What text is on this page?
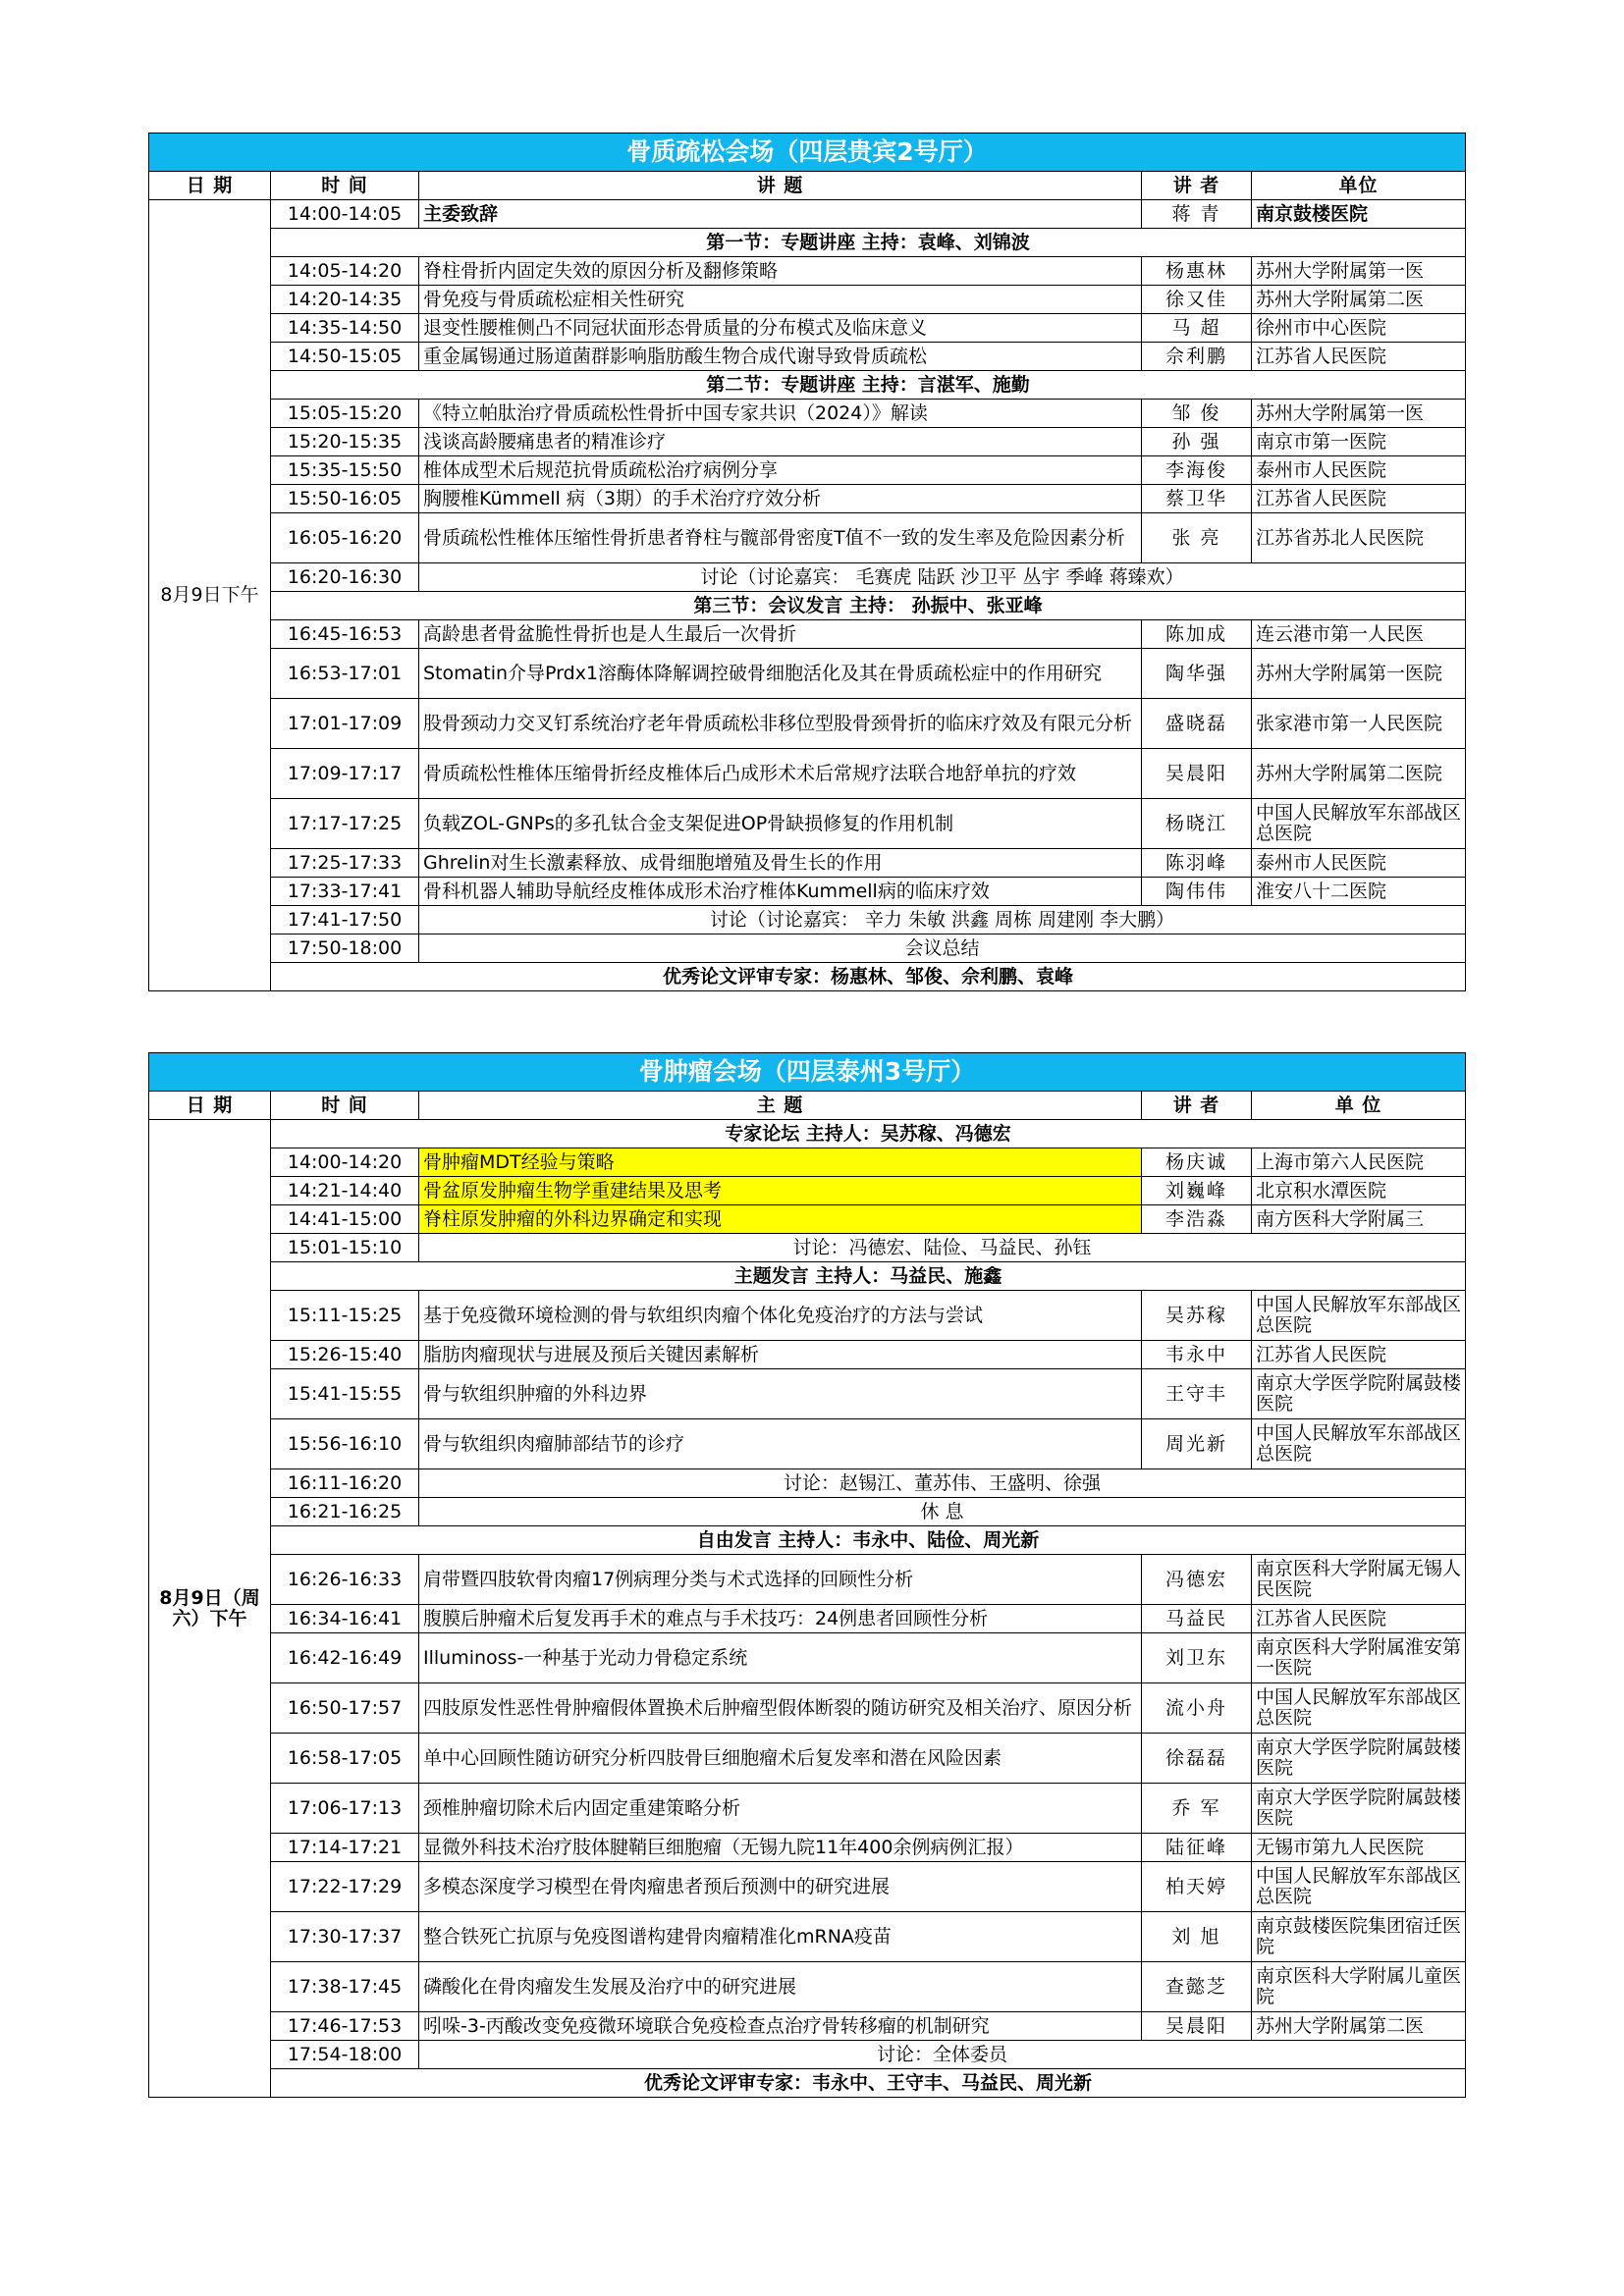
骨质疏松会场（四层贵宾2号厅）				
日 期	时 间	讲 题	讲 者	单位
8月9日下午	14:00-14:05	主委致辞	蒋 青	南京鼓楼医院
	第一节：专题讲座 主持：袁峰、刘锦波			
	14:05-14:20	脊柱骨折内固定失效的原因分析及翻修策略	杨惠林	苏州大学附属第一医
	14:20-14:35	骨免疫与骨质疏松症相关性研究	徐又佳	苏州大学附属第二医
	14:35-14:50	退变性腰椎侧凸不同冠状面形态骨质量的分布模式及临床意义	马 超	徐州市中心医院
	14:50-15:05	重金属锡通过肠道菌群影响脂肪酸生物合成代谢导致骨质疏松	佘利鹏	江苏省人民医院
	第二节：专题讲座 主持：言湛军、施勤			
	15:05-15:20	《特立帕肽治疗骨质疏松性骨折中国专家共识（2024）》解读	邹 俊	苏州大学附属第一医
	15:20-15:35	浅谈高龄腰痛患者的精准诊疗	孙 强	南京市第一医院
	15:35-15:50	椎体成型术后规范抗骨质疏松治疗病例分享	李海俊	泰州市人民医院
	15:50-16:05	胸腰椎Kümmell 病（3期）的手术治疗疗效分析	蔡卫华	江苏省人民医院
	16:05-16:20	骨质疏松性椎体压缩性骨折患者脊柱与髋部骨密度T值不一致的发生率及危险因素分析	张 亮	江苏省苏北人民医院
	16:20-16:30	讨论（讨论嘉宾： 毛赛虎 陆跃 沙卫平 丛宇 季峰 蒋臻欢）		
	第三节：会议发言 主持： 孙振中、张亚峰			
	16:45-16:53	高龄患者骨盆脆性骨折也是人生最后一次骨折	陈加成	连云港市第一人民医
	16:53-17:01	Stomatin介导Prdx1溶酶体降解调控破骨细胞活化及其在骨质疏松症中的作用研究	陶华强	苏州大学附属第一医院
	17:01-17:09	股骨颈动力交叉钉系统治疗老年骨质疏松非移位型股骨颈骨折的临床疗效及有限元分析	盛晓磊	张家港市第一人民医院
	17:09-17:17	骨质疏松性椎体压缩骨折经皮椎体后凸成形术术后常规疗法联合地舒单抗的疗效	吴晨阳	苏州大学附属第二医院
	17:17-17:25	负载ZOL-GNPs的多孔钛合金支架促进OP骨缺损修复的作用机制	杨晓江	中国人民解放军东部战区总医院
	17:25-17:33	Ghrelin对生长激素释放、成骨细胞增殖及骨生长的作用	陈羽峰	泰州市人民医院
	17:33-17:41	骨科机器人辅助导航经皮椎体成形术治疗椎体Kummell病的临床疗效	陶伟伟	淮安八十二医院
	17:41-17:50	讨论（讨论嘉宾： 辛力 朱敏 洪鑫 周栋 周建刚 李大鹏）		
	17:50-18:00	会议总结		
	优秀论文评审专家：杨惠林、邹俊、佘利鹏、袁峰			
骨肿瘤会场（四层泰州3号厅）				
日 期	时 间	主 题	讲 者	单 位
8月9日（周六）下午	专家论坛 主持人：吴苏稼、冯德宏			
	14:00-14:20	骨肿瘤MDT经验与策略	杨庆诚	上海市第六人民医院
	14:21-14:40	骨盆原发肿瘤生物学重建结果及思考	刘巍峰	北京积水潭医院
	14:41-15:00	脊柱原发肿瘤的外科边界确定和实现	李浩淼	南方医科大学附属三
	15:01-15:10	讨论：冯德宏、陆俭、马益民、孙钰		
	主题发言 主持人：马益民、施鑫			
	15:11-15:25	基于免疫微环境检测的骨与软组织肉瘤个体化免疫治疗的方法与尝试	吴苏稼	中国人民解放军东部战区总医院
	15:26-15:40	脂肪肉瘤现状与进展及预后关键因素解析	韦永中	江苏省人民医院
	15:41-15:55	骨与软组织肿瘤的外科边界	王守丰	南京大学医学院附属鼓楼医院
	15:56-16:10	骨与软组织肉瘤肺部结节的诊疗	周光新	中国人民解放军东部战区总医院
	16:11-16:20	讨论：赵锡江、董苏伟、王盛明、徐强		
	16:21-16:25	休 息		
	自由发言 主持人：韦永中、陆俭、周光新			
	16:26-16:33	肩带暨四肢软骨肉瘤17例病理分类与术式选择的回顾性分析	冯德宏	南京医科大学附属无锡人民医院
	16:34-16:41	腹膜后肿瘤术后复发再手术的难点与手术技巧：24例患者回顾性分析	马益民	江苏省人民医院
	16:42-16:49	Illuminoss-一种基于光动力骨稳定系统	刘卫东	南京医科大学附属淮安第一医院
	16:50-17:57	四肢原发性恶性骨肿瘤假体置换术后肿瘤型假体断裂的随访研究及相关治疗、原因分析	流小舟	中国人民解放军东部战区总医院
	16:58-17:05	单中心回顾性随访研究分析四肢骨巨细胞瘤术后复发率和潜在风险因素	徐磊磊	南京大学医学院附属鼓楼医院
	17:06-17:13	颈椎肿瘤切除术后内固定重建策略分析	乔 军	南京大学医学院附属鼓楼医院
	17:14-17:21	显微外科技术治疗肢体腱鞘巨细胞瘤（无锡九院11年400余例病例汇报）	陆征峰	无锡市第九人民医院
	17:22-17:29	多模态深度学习模型在骨肉瘤患者预后预测中的研究进展	柏天婷	中国人民解放军东部战区总医院
	17:30-17:37	整合铁死亡抗原与免疫图谱构建骨肉瘤精准化mRNA疫苗	刘 旭	南京鼓楼医院集团宿迁医院
	17:38-17:45	磷酸化在骨肉瘤发生发展及治疗中的研究进展	查懿芝	南京医科大学附属儿童医院
	17:46-17:53	吲哚-3-丙酸改变免疫微环境联合免疫检查点治疗骨转移瘤的机制研究	吴晨阳	苏州大学附属第二医
	17:54-18:00	讨论：全体委员		
	优秀论文评审专家：韦永中、王守丰、马益民、周光新			
